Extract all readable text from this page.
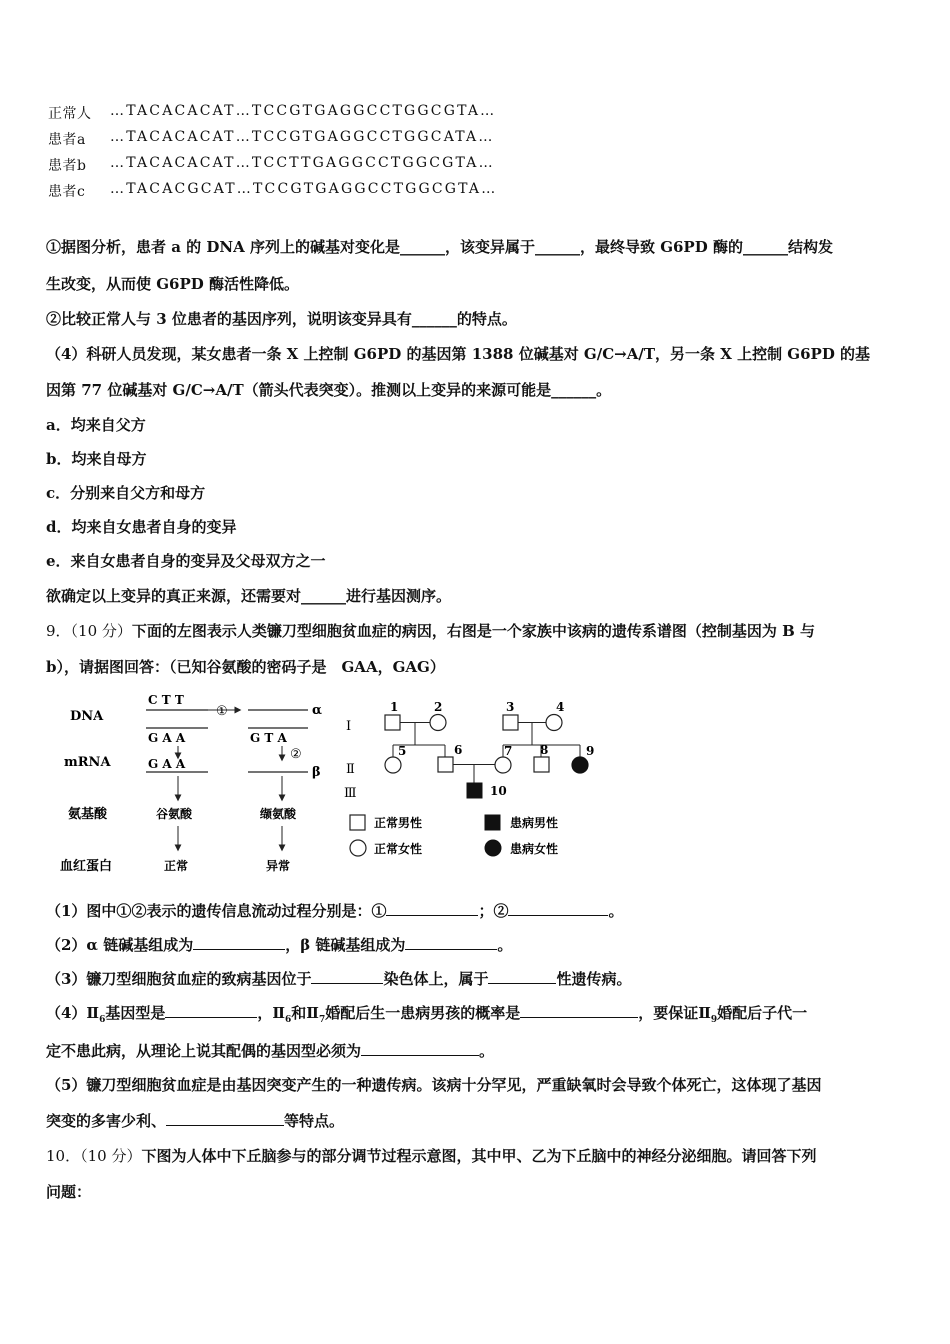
正常人 …TACACACAT…TCCGTGAGGCCTGGCGTA…
患者a …TACACACAT…TCCGTGAGGCCTGGCATA…
患者b …TACACACAT…TCCTTGAGGCCTGGCGTA…
患者c …TACACGCAT…TCCGTGAGGCCTGGCGTA…
①据图分析，患者 a 的 DNA 序列上的碱基对变化是______，该变异属于______，最终导致 G6PD 酶的______结构发
生改变，从而使 G6PD 酶活性降低。
②比较正常人与 3 位患者的基因序列，说明该变异具有______的特点。
（4）科研人员发现，某女患者一条 X 上控制 G6PD 的基因第 1388 位碱基对 G/C→A/T，另一条 X 上控制 G6PD 的基
因第 77 位碱基对 G/C→A/T（箭头代表突变）。推测以上变异的来源可能是______。
a．均来自父方
b．均来自母方
c．分别来自父方和母方
d．均来自女患者自身的变异
e．来自女患者自身的变异及父母双方之一
欲确定以上变异的真正来源，还需要对______进行基因测序。
9．（10 分）下面的左图表示人类镰刀型细胞贫血症的病因，右图是一个家族中该病的遗传系谱图（控制基因为 B 与
b），请据图回答：（已知谷氨酸的密码子是　GAA，GAG）
DNA
mRNA
氨基酸
血红蛋白
C T T
G A A
G A A
谷氨酸
正常
①	α
G T A
②
β
缬氨酸
异常
Ⅰ
Ⅱ
Ⅲ
1	2	3	4
5	6	7 8	9
10
正常男性	患病男性
正常女性	患病女性
（1）图中①②表示的遗传信息流动过程分别是：①	；②	。
（2）α 链碱基组成为	，β 链碱基组成为	。
（3）镰刀型细胞贫血症的致病基因位于	染色体上，属于	性遗传病。
$(4)Ⅱ_6$基因型是	，$Ⅱ_6$和$Ⅱ_7$婚配后生一患病男孩的概率是	，要保证$Ⅱ_9$婚配后子代一
定不患此病，从理论上说其配偶的基因型必须为	。
（5）镰刀型细胞贫血症是由基因突变产生的一种遗传病。该病十分罕见，严重缺氧时会导致个体死亡，这体现了基因
突变的多害少利、	等特点。
10．（10 分）下图为人体中下丘脑参与的部分调节过程示意图，其中甲、乙为下丘脑中的神经分泌细胞。请回答下列
问题：
